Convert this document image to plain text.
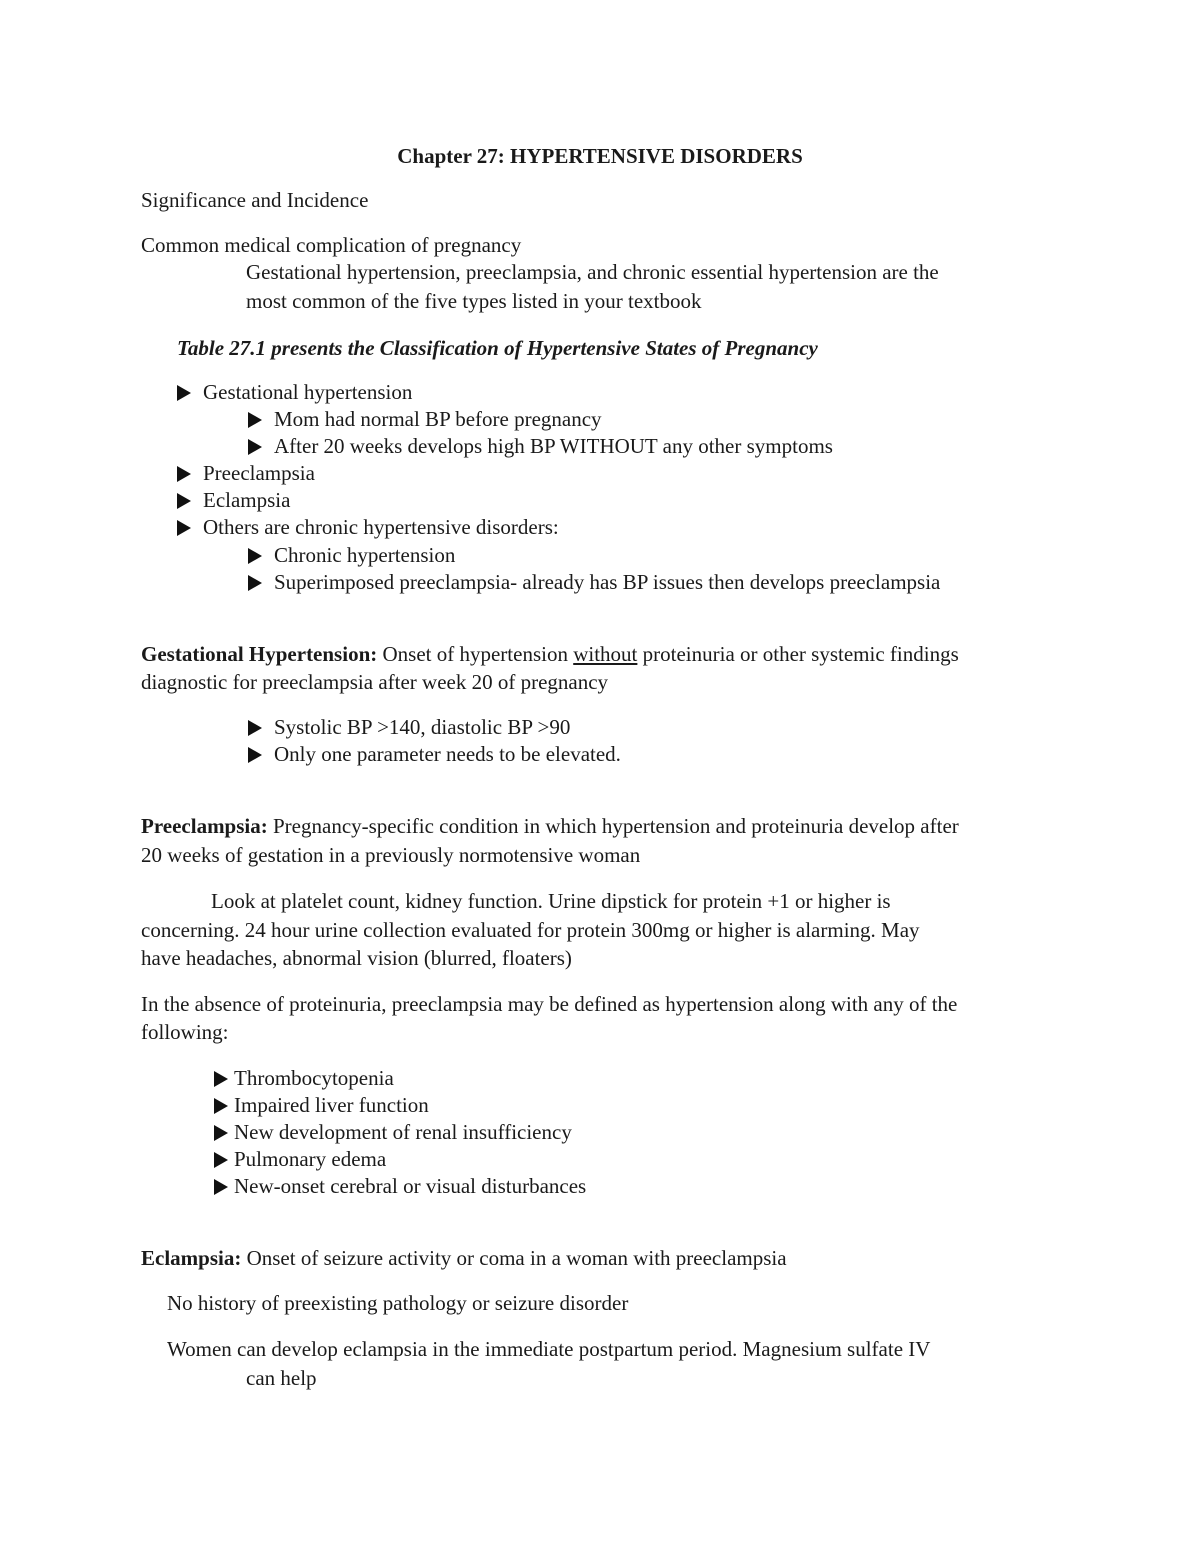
Chapter 27: HYPERTENSIVE DISORDERS
Significance and Incidence
Common medical complication of pregnancy
Gestational hypertension, preeclampsia, and chronic essential hypertension are the
most common of the five types listed in your textbook
Table 27.1 presents the Classification of Hypertensive States of Pregnancy
Gestational hypertension
Mom had normal BP before pregnancy
After 20 weeks develops high BP WITHOUT any other symptoms
Preeclampsia
Eclampsia
Others are chronic hypertensive disorders:
Chronic hypertension
Superimposed preeclampsia- already has BP issues then develops preeclampsia
Gestational Hypertension: Onset of hypertension without proteinuria or other systemic findings
diagnostic for preeclampsia after week 20 of pregnancy
Systolic BP >140, diastolic BP >90
Only one parameter needs to be elevated.
Preeclampsia: Pregnancy-specific condition in which hypertension and proteinuria develop after
20 weeks of gestation in a previously normotensive woman
Look at platelet count, kidney function. Urine dipstick for protein +1 or higher is
concerning. 24 hour urine collection evaluated for protein 300mg or higher is alarming. May
have headaches, abnormal vision (blurred, floaters)
In the absence of proteinuria, preeclampsia may be defined as hypertension along with any of the
following:
Thrombocytopenia
Impaired liver function
New development of renal insufficiency
Pulmonary edema
New-onset cerebral or visual disturbances
Eclampsia: Onset of seizure activity or coma in a woman with preeclampsia
No history of preexisting pathology or seizure disorder
Women can develop eclampsia in the immediate postpartum period. Magnesium sulfate IV
can help
